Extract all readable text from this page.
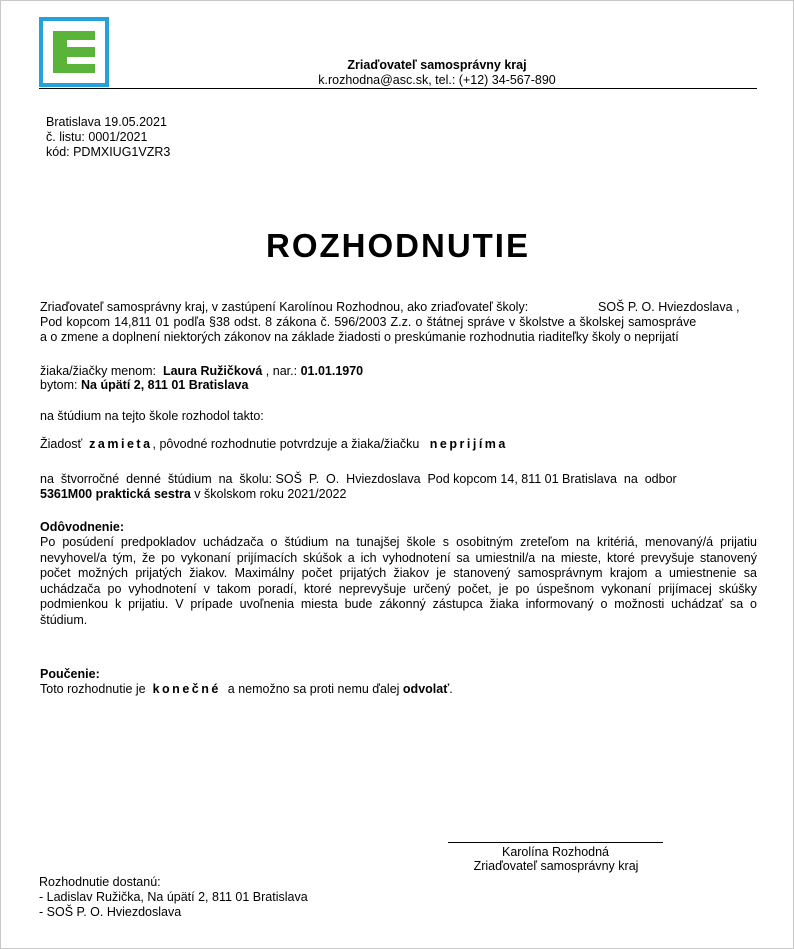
Zriaďovateľ samosprávny kraj
k.rozhodna@asc.sk, tel.: (+12) 34-567-890
Bratislava 19.05.2021
č. listu: 0001/2021
kód: PDMXIUG1VZR3
ROZHODNUTIE
Zriaďovateľ samosprávny kraj, v zastúpení Karolínou Rozhodnou, ako zriaďovateľ školy:	SOŠ P. O. Hviezdoslava ,
Pod kopcom 14,811 01 podľa §38 odst. 8 zákona č. 596/2003 Z.z. o štátnej správe v školstve a školskej samospráve
a o zmene a doplnení niektorých zákonov na základe žiadosti o preskúmanie rozhodnutia riaditeľky školy o neprijatí
žiaka/žiačky menom: Laura Ružičková , nar.: 01.01.1970
bytom: Na úpätí 2, 811 01 Bratislava
na štúdium na tejto škole rozhodol takto:
Žiadosť zamieta, pôvodné rozhodnutie potvrdzuje a žiaka/žiačku neprijíma
na  štvorročné  denné  štúdium  na  školu: SOŠ  P.  O.  Hviezdoslava  Pod kopcom 14, 811 01 Bratislava  na  odbor
5361M00 praktická sestra v školskom roku 2021/2022
Odôvodnenie:
Po posúdení predpokladov uchádzača o štúdium na tunajšej škole s osobitným zreteľom na kritériá, menovaný/á prijatiu nevyhovel/a tým, že po vykonaní prijímacích skúšok a ich vyhodnotení sa umiestnil/a na mieste, ktoré prevyšuje stanovený počet možných prijatých žiakov. Maximálny počet prijatých žiakov je stanovený samosprávnym krajom a umiestnenie sa uchádzača po vyhodnotení v takom poradí, ktoré neprevyšuje určený počet, je po úspešnom vykonaní prijímacej skúšky podmienkou k prijatiu. V prípade uvoľnenia miesta bude zákonný zástupca žiaka informovaný o možnosti uchádzať sa o štúdium.
Poučenie:
Toto rozhodnutie je konečné a nemožno sa proti nemu ďalej odvolať.
Karolína Rozhodná
Zriaďovateľ samosprávny kraj
Rozhodnutie dostanú:
- Ladislav Ružička, Na úpätí 2, 811 01 Bratislava
- SOŠ P. O. Hviezdoslava
